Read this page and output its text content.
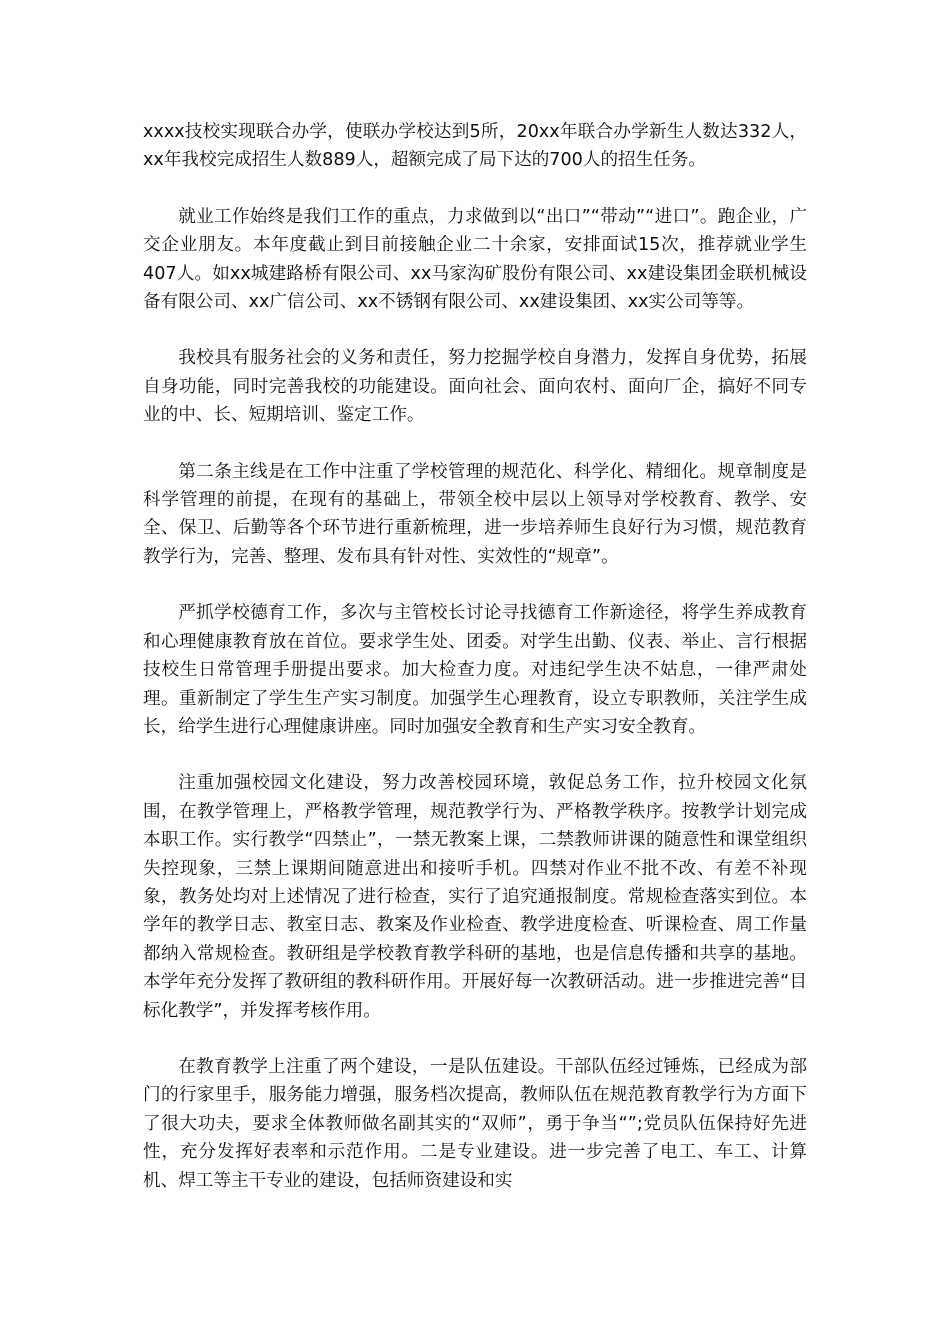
xxxx技校实现联合办学，使联办学校达到5所，20xx年联合办学新生人数达332人，xx年我校完成招生人数889人，超额完成了局下达的700人的招生任务。

就业工作始终是我们工作的重点，力求做到以“出口”“带动”“进口”。跑企业，广交企业朋友。本年度截止到目前接触企业二十余家，安排面试15次，推荐就业学生407人。如xx城建路桥有限公司、xx马家沟矿股份有限公司、xx建设集团金联机械设备有限公司、xx广信公司、xx不锈钢有限公司、xx建设集团、xx实公司等等。

我校具有服务社会的义务和责任，努力挖掘学校自身潜力，发挥自身优势，拓展自身功能，同时完善我校的功能建设。面向社会、面向农村、面向厂企，搞好不同专业的中、长、短期培训、鉴定工作。

第二条主线是在工作中注重了学校管理的规范化、科学化、精细化。规章制度是科学管理的前提，在现有的基础上，带领全校中层以上领导对学校教育、教学、安全、保卫、后勤等各个环节进行重新梳理，进一步培养师生良好行为习惯，规范教育教学行为，完善、整理、发布具有针对性、实效性的“规章”。

严抓学校德育工作，多次与主管校长讨论寻找德育工作新途径，将学生养成教育和心理健康教育放在首位。要求学生处、团委。对学生出勤、仪表、举止、言行根据技校生日常管理手册提出要求。加大检查力度。对违纪学生决不姑息，一律严肃处理。重新制定了学生生产实习制度。加强学生心理教育，设立专职教师，关注学生成长，给学生进行心理健康讲座。同时加强安全教育和生产实习安全教育。

注重加强校园文化建设，努力改善校园环境，敦促总务工作，拉升校园文化氛围，在教学管理上，严格教学管理，规范教学行为、严格教学秩序。按教学计划完成本职工作。实行教学“四禁止”，一禁无教案上课，二禁教师讲课的随意性和课堂组织失控现象，三禁上课期间随意进出和接听手机。四禁对作业不批不改、有差不补现象，教务处均对上述情况了进行检查，实行了追究通报制度。常规检查落实到位。本学年的教学日志、教室日志、教案及作业检查、教学进度检查、听课检查、周工作量都纳入常规检查。教研组是学校教育教学科研的基地，也是信息传播和共享的基地。本学年充分发挥了教研组的教科研作用。开展好每一次教研活动。进一步推进完善“目标化教学”，并发挥考核作用。

在教育教学上注重了两个建设，一是队伍建设。干部队伍经过锤炼，已经成为部门的行家里手，服务能力增强，服务档次提高，教师队伍在规范教育教学行为方面下了很大功夫，要求全体教师做名副其实的“双师”，勇于争当“”;党员队伍保持好先进性，充分发挥好表率和示范作用。二是专业建设。进一步完善了电工、车工、计算机、焊工等主干专业的建设，包括师资建设和实
